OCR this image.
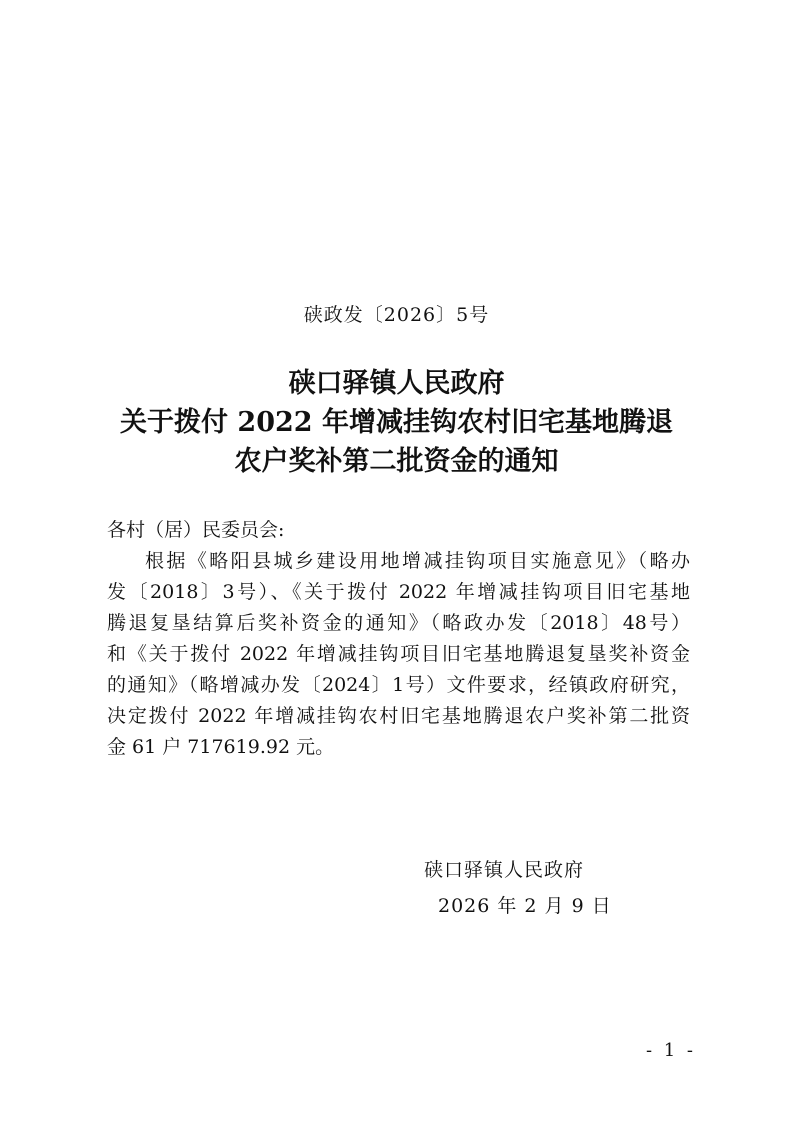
硖政发〔2026〕5号
硖口驿镇人民政府
关于拨付 2022 年增减挂钩农村旧宅基地腾退
农户奖补第二批资金的通知

各村（居）民委员会:

根据《略阳县城乡建设用地增减挂钩项目实施意见》（略办
发〔2018〕3号）、《关于拨付 2022 年增减挂钩项目旧宅基地
腾退复垦结算后奖补资金的通知》（略政办发〔2018〕48号）
和《关于拨付 2022 年增减挂钩项目旧宅基地腾退复垦奖补资金
的通知》（略增减办发〔2024〕1号）文件要求，经镇政府研究，
决定拨付 2022 年增减挂钩农村旧宅基地腾退农户奖补第二批资
金 61 户 717619.92 元。
硖口驿镇人民政府
2026 年 2 月 9 日
- 1 -
